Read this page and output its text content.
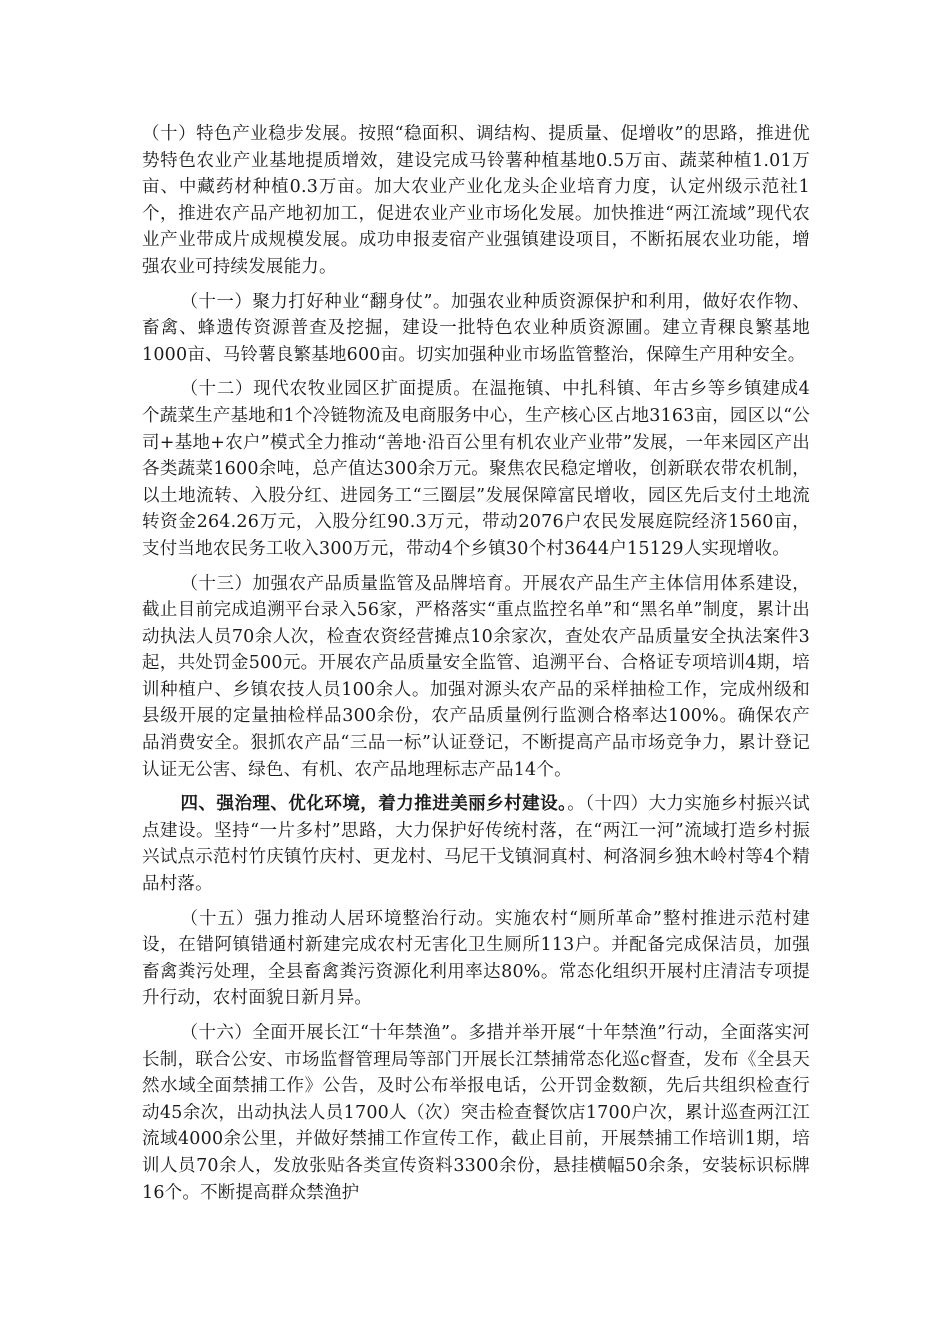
（十）特色产业稳步发展。按照“稳面积、调结构、提质量、促增收”的思路，推进优势特色农业产业基地提质增效，建设完成马铃薯种植基地0.5万亩、蔬菜种植1.01万亩、中藏药材种植0.3万亩。加大农业产业化龙头企业培育力度，认定州级示范社1个，推进农产品产地初加工，促进农业产业市场化发展。加快推进“两江流域”现代农业产业带成片成规模发展。成功申报麦宿产业强镇建设项目，不断拓展农业功能，增强农业可持续发展能力。

（十一）聚力打好种业“翻身仗”。加强农业种质资源保护和利用，做好农作物、畜禽、蜂遗传资源普查及挖掘，建设一批特色农业种质资源圃。建立青稞良繁基地1000亩、马铃薯良繁基地600亩。切实加强种业市场监管整治，保障生产用种安全。

（十二）现代农牧业园区扩面提质。在温拖镇、中扎科镇、年古乡等乡镇建成4个蔬菜生产基地和1个冷链物流及电商服务中心，生产核心区占地3163亩，园区以“公司+基地+农户”模式全力推动“善地·沿百公里有机农业产业带”发展，一年来园区产出各类蔬菜1600余吨，总产值达300余万元。聚焦农民稳定增收，创新联农带农机制，以土地流转、入股分红、进园务工“三圈层”发展保障富民增收，园区先后支付土地流转资金264.26万元，入股分红90.3万元，带动2076户农民发展庭院经济1560亩，支付当地农民务工收入300万元，带动4个乡镇30个村3644户15129人实现增收。

（十三）加强农产品质量监管及品牌培育。开展农产品生产主体信用体系建设，截止目前完成追溯平台录入56家，严格落实“重点监控名单”和“黑名单”制度，累计出动执法人员70余人次，检查农资经营摊点10余家次，查处农产品质量安全执法案件3起，共处罚金500元。开展农产品质量安全监管、追溯平台、合格证专项培训4期，培训种植户、乡镇农技人员100余人。加强对源头农产品的采样抽检工作，完成州级和县级开展的定量抽检样品300余份，农产品质量例行监测合格率达100%。确保农产品消费安全。狠抓农产品“三品一标”认证登记，不断提高产品市场竞争力，累计登记认证无公害、绿色、有机、农产品地理标志产品14个。

四、强治理、优化环境，着力推进美丽乡村建设。。（十四）大力实施乡村振兴试点建设。坚持“一片多村”思路，大力保护好传统村落，在“两江一河”流域打造乡村振兴试点示范村竹庆镇竹庆村、更龙村、马尼干戈镇洞真村、柯洛洞乡独木岭村等4个精品村落。

（十五）强力推动人居环境整治行动。实施农村“厕所革命”整村推进示范村建设，在错阿镇错通村新建完成农村无害化卫生厕所113户。并配备完成保洁员，加强畜禽粪污处理，全县畜禽粪污资源化利用率达80%。常态化组织开展村庄清洁专项提升行动，农村面貌日新月异。

（十六）全面开展长江“十年禁渔”。多措并举开展“十年禁渔”行动，全面落实河长制，联合公安、市场监督管理局等部门开展长江禁捕常态化巡c督查，发布《全县天然水域全面禁捕工作》公告，及时公布举报电话，公开罚金数额，先后共组织检查行动45余次，出动执法人员1700人（次）突击检查餐饮店1700户次，累计巡查两江江流域4000余公里，并做好禁捕工作宣传工作，截止目前，开展禁捕工作培训1期，培训人员70余人，发放张贴各类宣传资料3300余份，悬挂横幅50余条，安装标识标牌16个。不断提高群众禁渔护
